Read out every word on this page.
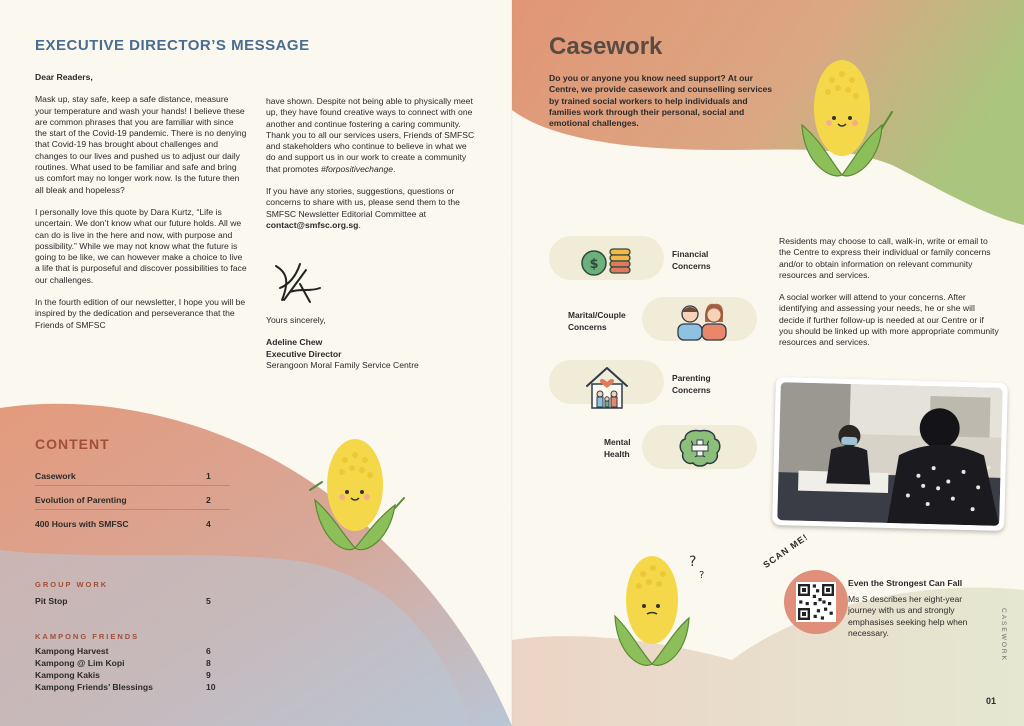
EXECUTIVE DIRECTOR’S MESSAGE

Dear Readers,

Mask up, stay safe, keep a safe distance, measure your temperature and wash your hands! I believe these are common phrases that you are familiar with since the start of the Covid-19 pandemic. There is no denying that Covid-19 has brought about challenges and changes to our lives and pushed us to adjust our daily routines. What used to be familiar and safe and bring us comfort may no longer work now. Is the future then all bleak and hopeless?

I personally love this quote by Dara Kurtz, “Life is uncertain. We don’t know what our future holds. All we can do is live in the here and now, with purpose and possibility.” While we may not know what the future is going to be like, we can however make a choice to live a life that is purposeful and discover possibilities to face our challenges.

In the fourth edition of our newsletter, I hope you will be inspired by the dedication and perseverance that the Friends of SMFSC

have shown. Despite not being able to physically meet up, they have found creative ways to connect with one another and continue fostering a caring community. Thank you to all our services users, Friends of SMFSC and stakeholders who continue to believe in what we do and support us in our work to create a community that promotes #forpositivechange.

If you have any stories, suggestions, questions or concerns to share with us, please send them to the SMFSC Newsletter Editorial Committee at contact@smfsc.org.sg.

Yours sincerely,
Adeline Chew
Executive Director
Serangoon Moral Family Service Centre
CONTENT
Casework	1
Evolution of Parenting	2
400 Hours with SMFSC	4
GROUP WORK
Pit Stop	5
KAMPONG FRIENDS
Kampong Harvest	6
Kampong @ Lim Kopi	8
Kampong Kakis	9
Kampong Friends’ Blessings	10
Casework
Do you or anyone you know need support? At our Centre, we provide casework and counselling services by trained social workers to help individuals and families work through their personal, social and emotional challenges.
$
Financial
Concerns
Marital/Couple
Concerns
Parenting
Concerns
Mental
Health

Residents may choose to call, walk-in, write or email to the Centre to express their individual or family concerns and/or to obtain information on relevant community resources and services.

A social worker will attend to your concerns. After identifying and assessing your needs, he or she will decide if further follow-up is needed at our Centre or if you should be linked up with more appropriate community resources and services.

?
?
SCAN ME!
Even the Strongest Can Fall
Ms S describes her eight-year journey with us and strongly emphasises seeking help when necessary.	CASEWORK
01
